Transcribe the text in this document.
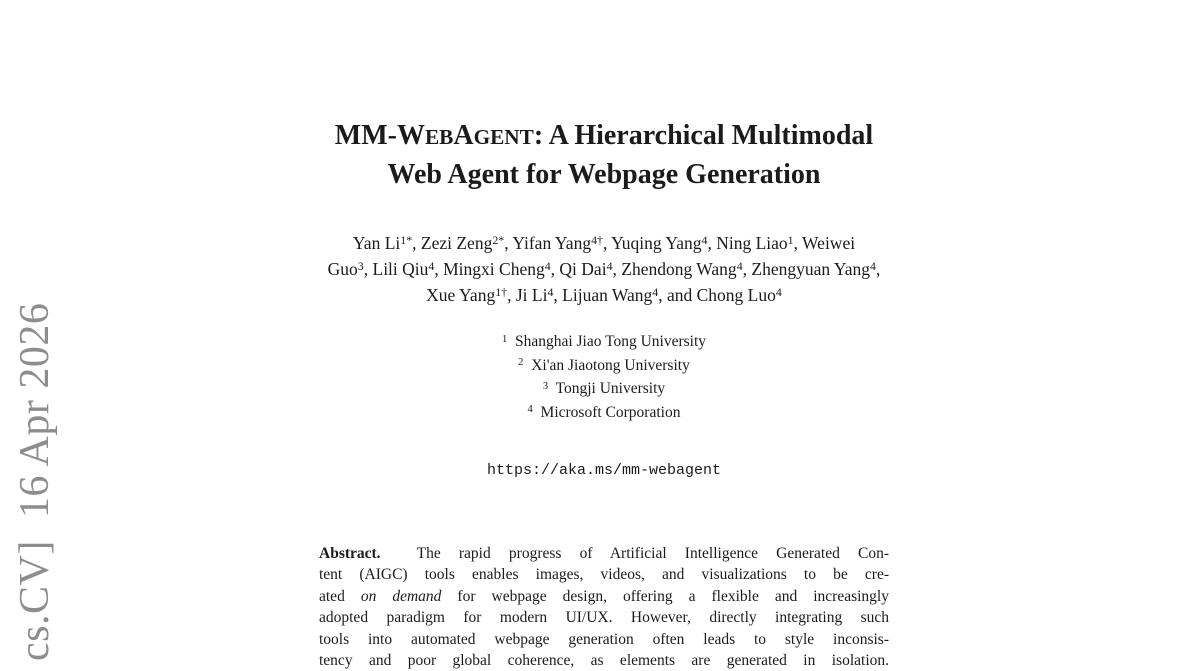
cs.CV]  16 Apr 2026
MM-WEBAGENT: A Hierarchical Multimodal
Web Agent for Webpage Generation
Yan $Li^{1*}$, Zezi Zeng$^{2*}$, Yifan Yang$^{4\dagger}$, Yuqing Yang$^4$, Ning Liao$^1$, Weiwei
Guo$^3$, Lili Qiu$^4$, Mingxi Cheng$^4$, Qi Dai$^4$, Zhendong Wang$^4$, Zhengyuan Yang$^4$,
Xue Yang$^{1\dagger}$, Ji Li$^4$, Lijuan Wang$^4$, and Chong Luo$^4$
$^1$  Shanghai Jiao Tong University
$^2$  Xi'an Jiaotong University
$^3$  Tongji University
$^4$  Microsoft Corporation
https://aka.ms/mm-webagent
Abstract.  The rapid progress of Artificial Intelligence Generated Con-
tent (AIGC) tools enables images, videos, and visualizations to be cre-
ated on demand for webpage design, offering a flexible and increasingly
adopted paradigm for modern UI/UX. However, directly integrating such
tools into automated webpage generation often leads to style inconsis-
tency and poor global coherence, as elements are generated in isolation.
